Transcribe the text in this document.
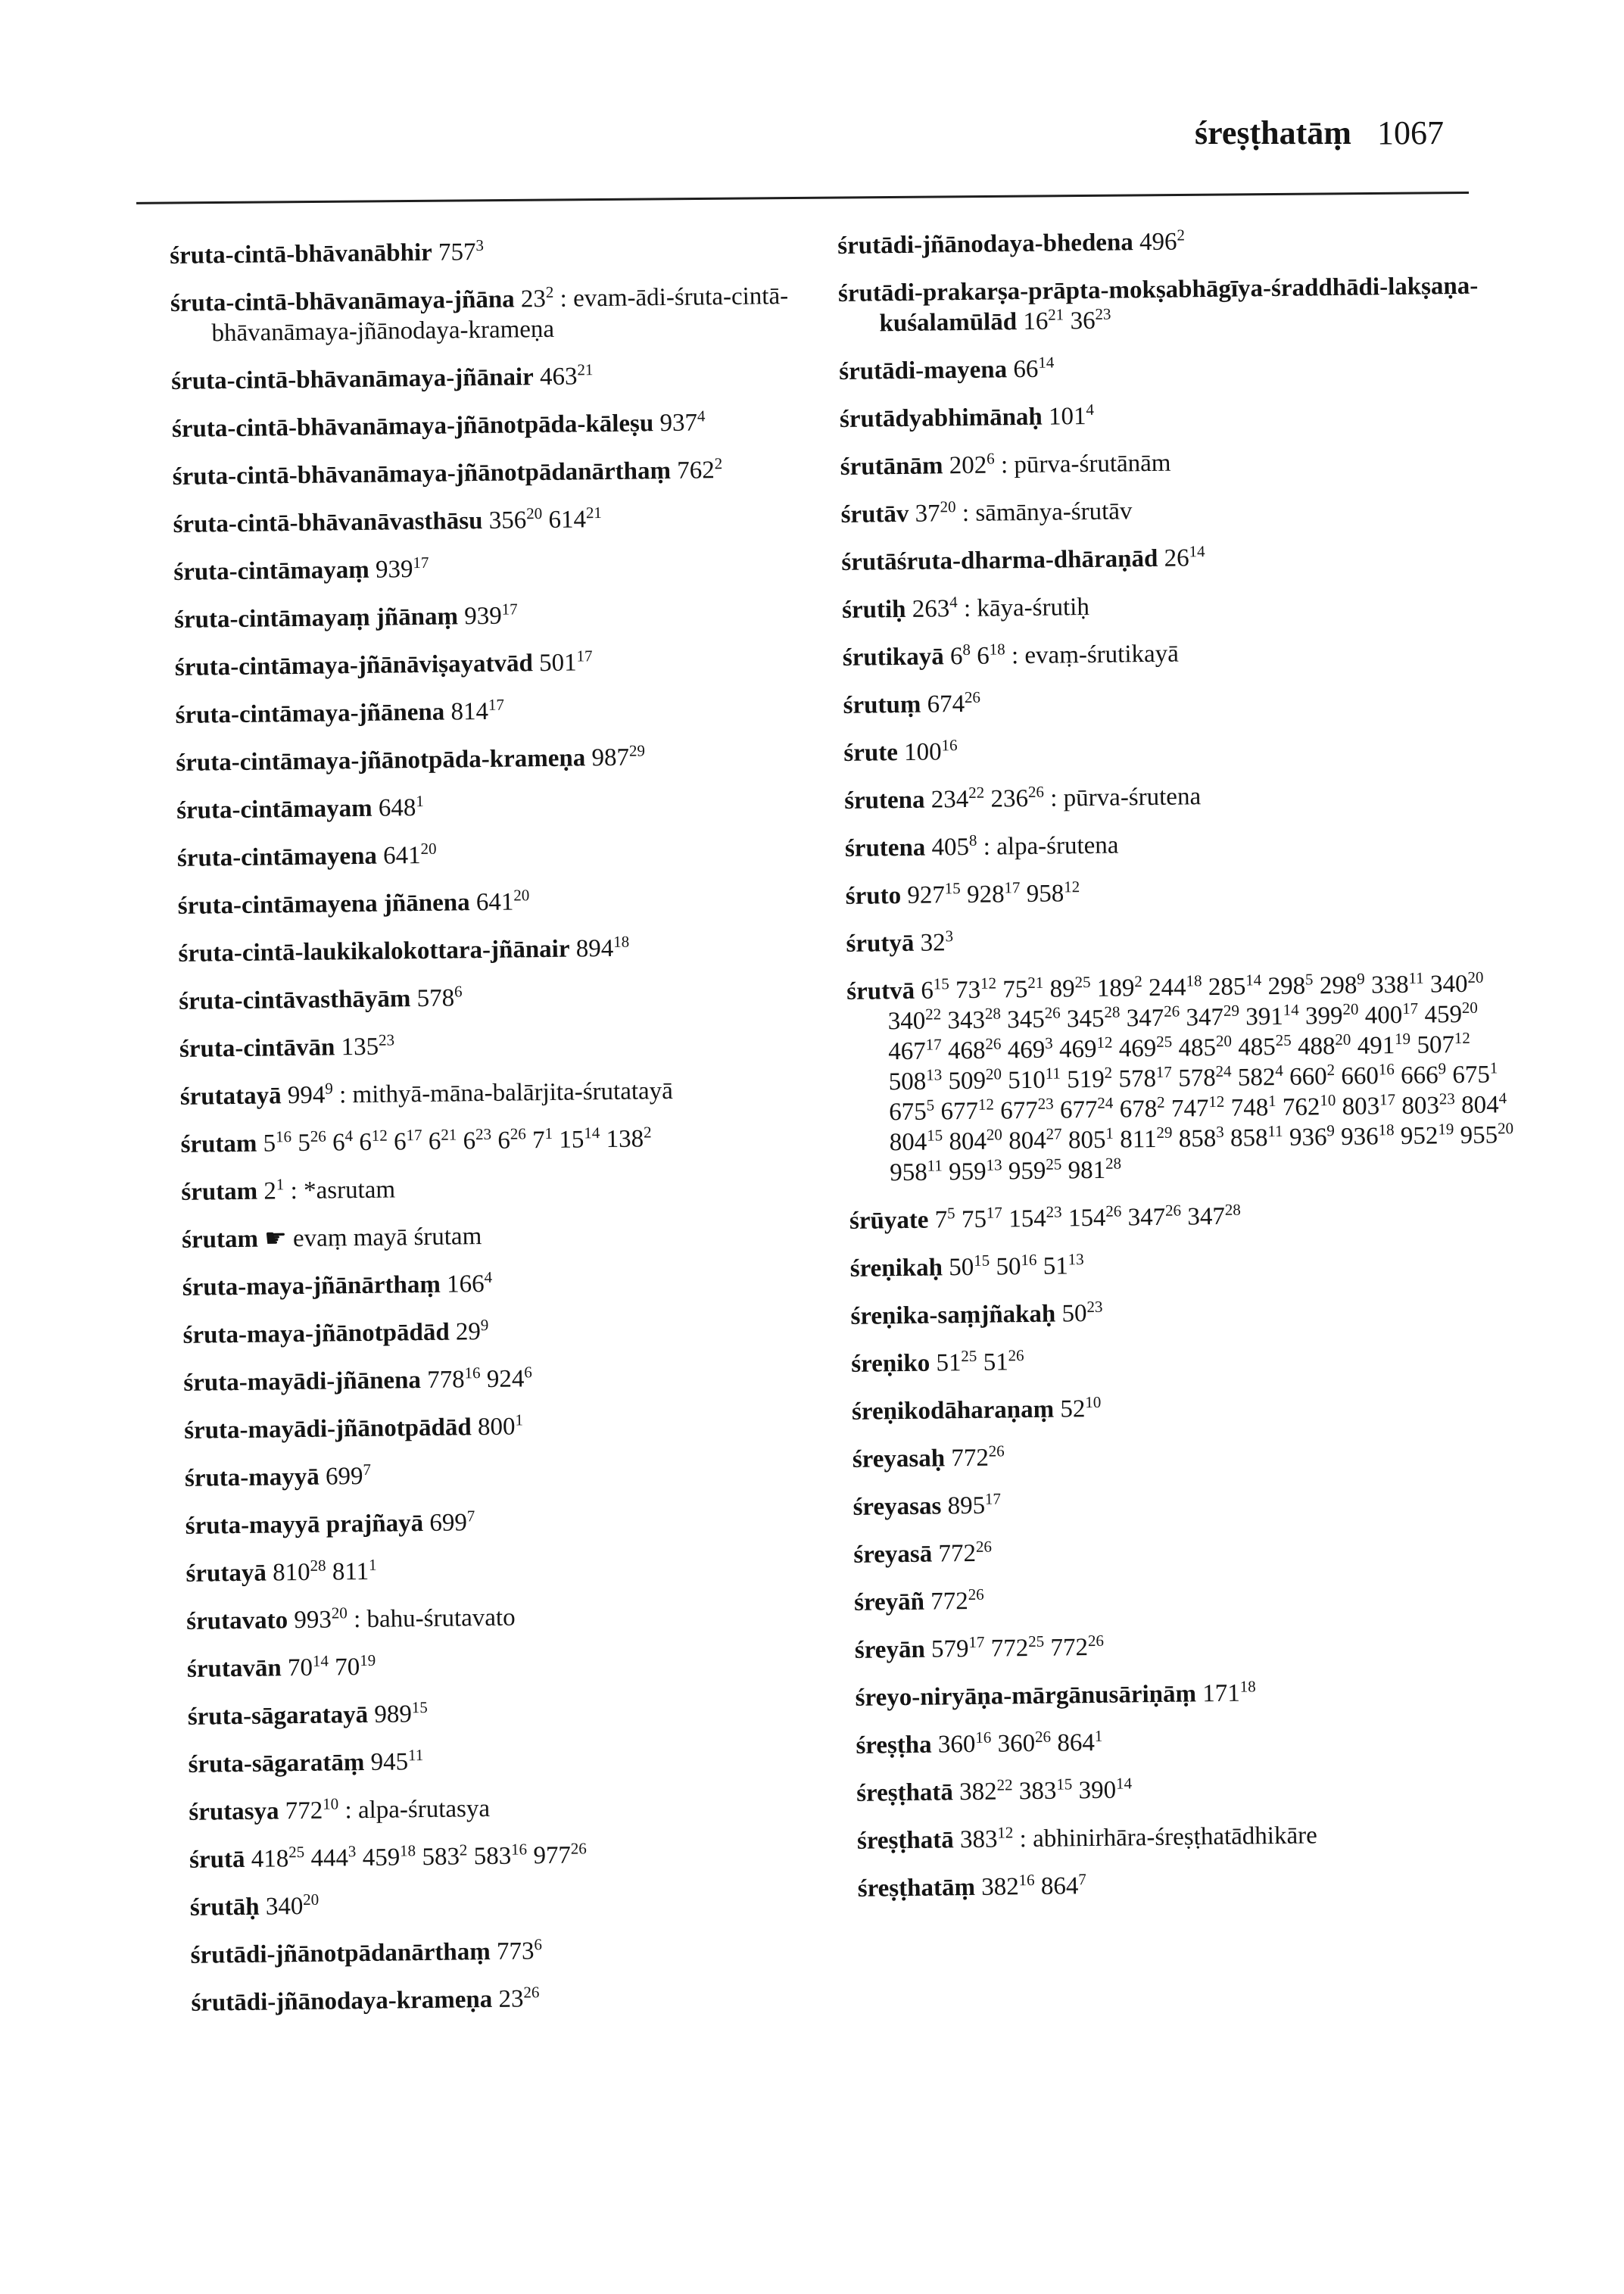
śreṣṭhatāṃ 1067
śruta-cintā-bhāvanābhir $757^3$
śruta-cintā-bhāvanāmaya-jñāna $23^2$ : evam-ādi-śruta-cintā-bhāvanāmaya-jñānodaya-krameṇa
śruta-cintā-bhāvanāmaya-jñānair $463^{21}$
śruta-cintā-bhāvanāmaya-jñānotpāda-kāleṣu $937^4$
śruta-cintā-bhāvanāmaya-jñānotpādanārthaṃ $762^2$
śruta-cintā-bhāvanāvasthāsu $356^{20}$ $614^{21}$
śruta-cintāmayaṃ $939^{17}$
śruta-cintāmayaṃ jñānaṃ $939^{17}$
śruta-cintāmaya-jñānāviṣayatvād $501^{17}$
śruta-cintāmaya-jñānena $814^{17}$
śruta-cintāmaya-jñānotpāda-krameṇa $987^{29}$
śruta-cintāmayam $648^1$
śruta-cintāmayena $641^{20}$
śruta-cintāmayena jñānena $641^{20}$
śruta-cintā-laukikalokottara-jñānair $894^{18}$
śruta-cintāvasthāyām $578^6$
śruta-cintāvān $135^{23}$
śrutatayā $994^9$ : mithyā-māna-balārjita-śrutatayā
śrutam $5^{16}$ $5^{26}$ $6^4$ $6^{12}$ $6^{17}$ $6^{21}$ $6^{23}$ $6^{26}$ $7^1$ $15^{14}$ $138^2$
śrutam $2^1$ : *asrutam
śrutam ☛ evaṃ mayā śrutam
śruta-maya-jñānārthaṃ $166^4$
śruta-maya-jñānotpādād $29^9$
śruta-mayādi-jñānena $778^{16}$ $924^6$
śruta-mayādi-jñānotpādād $800^1$
śruta-mayyā $699^7$
śruta-mayyā prajñayā $699^7$
śrutayā $810^{28}$ $811^1$
śrutavato $993^{20}$ : bahu-śrutavato
śrutavān $70^{14}$ $70^{19}$
śruta-sāgaratayā $989^{15}$
śruta-sāgaratāṃ $945^{11}$
śrutasya $772^{10}$ : alpa-śrutasya
śrutā $418^{25}$ $444^3$ $459^{18}$ $583^2$ $583^{16}$ $977^{26}$
śrutāḥ $340^{20}$
śrutādi-jñānotpādanārthaṃ $773^6$
śrutādi-jñānodaya-krameṇa $23^{26}$
śrutādi-jñānodaya-bhedena $496^2$
śrutādi-prakarṣa-prāpta-mokṣabhāgīya-śraddhādi-lakṣaṇa-kuśalamūlād $16^{21}$ $36^{23}$
śrutādi-mayena $66^{14}$
śrutādyabhimānaḥ $101^4$
śrutānām $202^6$ : pūrva-śrutānām
śrutāv $37^{20}$ : sāmānya-śrutāv
śrutāśruta-dharma-dhāraṇād $26^{14}$
śrutiḥ $263^4$ : kāya-śrutiḥ
śrutikayā $6^8$ $6^{18}$ : evaṃ-śrutikayā
śrutuṃ $674^{26}$
śrute $100^{16}$
śrutena $234^{22}$ $236^{26}$ : pūrva-śrutena
śrutena $405^8$ : alpa-śrutena
śruto $927^{15}$ $928^{17}$ $958^{12}$
śrutyā $32^3$
śrutvā $6^{15}$ $73^{12}$ $75^{21}$ $89^{25}$ $189^2$ $244^{18}$ $285^{14}$ $298^5$ $298^9$ $338^{11}$ $340^{20}$ $340^{22}$ $343^{28}$ $345^{26}$ $345^{28}$ $347^{26}$ $347^{29}$ $391^{14}$ $399^{20}$ $400^{17}$ $459^{20}$ $467^{17}$ $468^{26}$ $469^3$ $469^{12}$ $469^{25}$ $485^{20}$ $485^{25}$ $488^{20}$ $491^{19}$ $507^{12}$ $508^{13}$ $509^{20}$ $510^{11}$ $519^2$ $578^{17}$ $578^{24}$ $582^4$ $660^2$ $660^{16}$ $666^9$ $675^1$ $675^5$ $677^{12}$ $677^{23}$ $677^{24}$ $678^2$ $747^{12}$ $748^1$ $762^{10}$ $803^{17}$ $803^{23}$ $804^4$ $804^{15}$ $804^{20}$ $804^{27}$ $805^1$ $811^{29}$ $858^3$ $858^{11}$ $936^9$ $936^{18}$ $952^{19}$ $955^{20}$ $958^{11}$ $959^{13}$ $959^{25}$ $981^{28}$
śrūyate $7^5$ $75^{17}$ $154^{23}$ $154^{26}$ $347^{26}$ $347^{28}$
śreṇikaḥ $50^{15}$ $50^{16}$ $51^{13}$
śreṇika-saṃjñakaḥ $50^{23}$
śreṇiko $51^{25}$ $51^{26}$
śreṇikodāharaṇaṃ $52^{10}$
śreyasaḥ $772^{26}$
śreyasas $895^{17}$
śreyasā $772^{26}$
śreyāñ $772^{26}$
śreyān $579^{17}$ $772^{25}$ $772^{26}$
śreyo-niryāṇa-mārgānusāriṇāṃ $171^{18}$
śreṣṭha $360^{16}$ $360^{26}$ $864^1$
śreṣṭhatā $382^{22}$ $383^{15}$ $390^{14}$
śreṣṭhatā $383^{12}$ : abhinirhāra-śreṣṭhatādhikāre
śreṣṭhatāṃ $382^{16}$ $864^7$
